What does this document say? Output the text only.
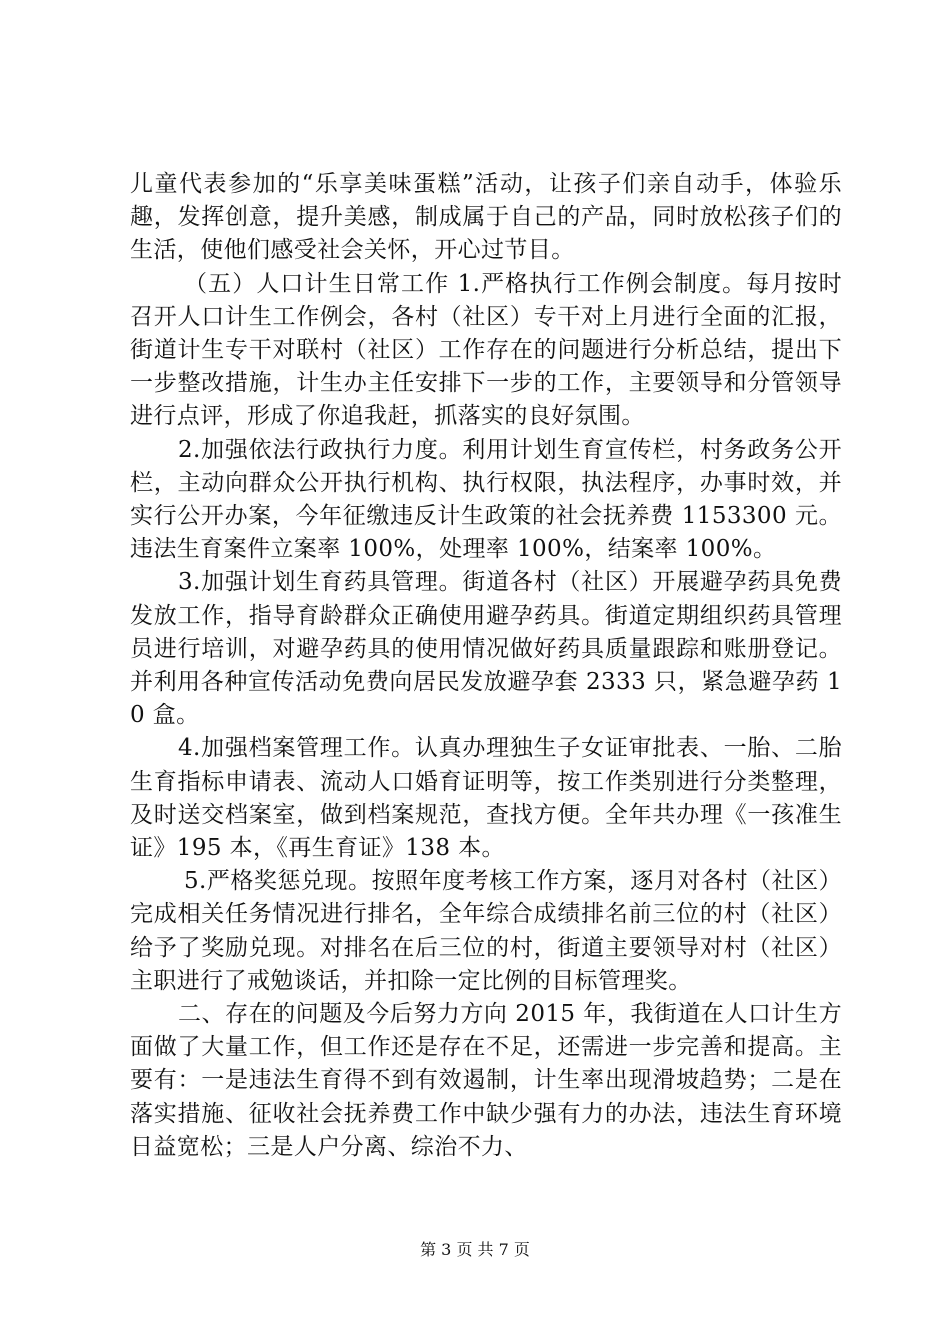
儿童代表参加的“乐享美味蛋糕”活动，让孩子们亲自动手，体验乐趣，发挥创意，提升美感，制成属于自己的产品，同时放松孩子们的生活，使他们感受社会关怀，开心过节目。

（五）人口计生日常工作 1.严格执行工作例会制度。每月按时召开人口计生工作例会，各村（社区）专干对上月进行全面的汇报，街道计生专干对联村（社区）工作存在的问题进行分析总结，提出下一步整改措施，计生办主任安排下一步的工作，主要领导和分管领导进行点评，形成了你追我赶，抓落实的良好氛围。

2.加强依法行政执行力度。利用计划生育宣传栏，村务政务公开栏，主动向群众公开执行机构、执行权限，执法程序，办事时效，并实行公开办案，今年征缴违反计生政策的社会抚养费 1153300 元。违法生育案件立案率 100%，处理率 100%，结案率 100%。

3.加强计划生育药具管理。街道各村（社区）开展避孕药具免费发放工作，指导育龄群众正确使用避孕药具。街道定期组织药具管理员进行培训，对避孕药具的使用情况做好药具质量跟踪和账册登记。并利用各种宣传活动免费向居民发放避孕套 2333 只，紧急避孕药 10 盒。

4.加强档案管理工作。认真办理独生子女证审批表、一胎、二胎生育指标申请表、流动人口婚育证明等，按工作类别进行分类整理，及时送交档案室，做到档案规范，查找方便。全年共办理《一孩准生证》195 本，《再生育证》138 本。

5.严格奖惩兑现。按照年度考核工作方案，逐月对各村（社区）完成相关任务情况进行排名，全年综合成绩排名前三位的村（社区）给予了奖励兑现。对排名在后三位的村，街道主要领导对村（社区）主职进行了戒勉谈话，并扣除一定比例的目标管理奖。

二、存在的问题及今后努力方向 2015 年，我街道在人口计生方面做了大量工作，但工作还是存在不足，还需进一步完善和提高。主要有：一是违法生育得不到有效遏制，计生率出现滑坡趋势；二是在落实措施、征收社会抚养费工作中缺少强有力的办法，违法生育环境日益宽松；三是人户分离、综治不力、

第 3 页 共 7 页
